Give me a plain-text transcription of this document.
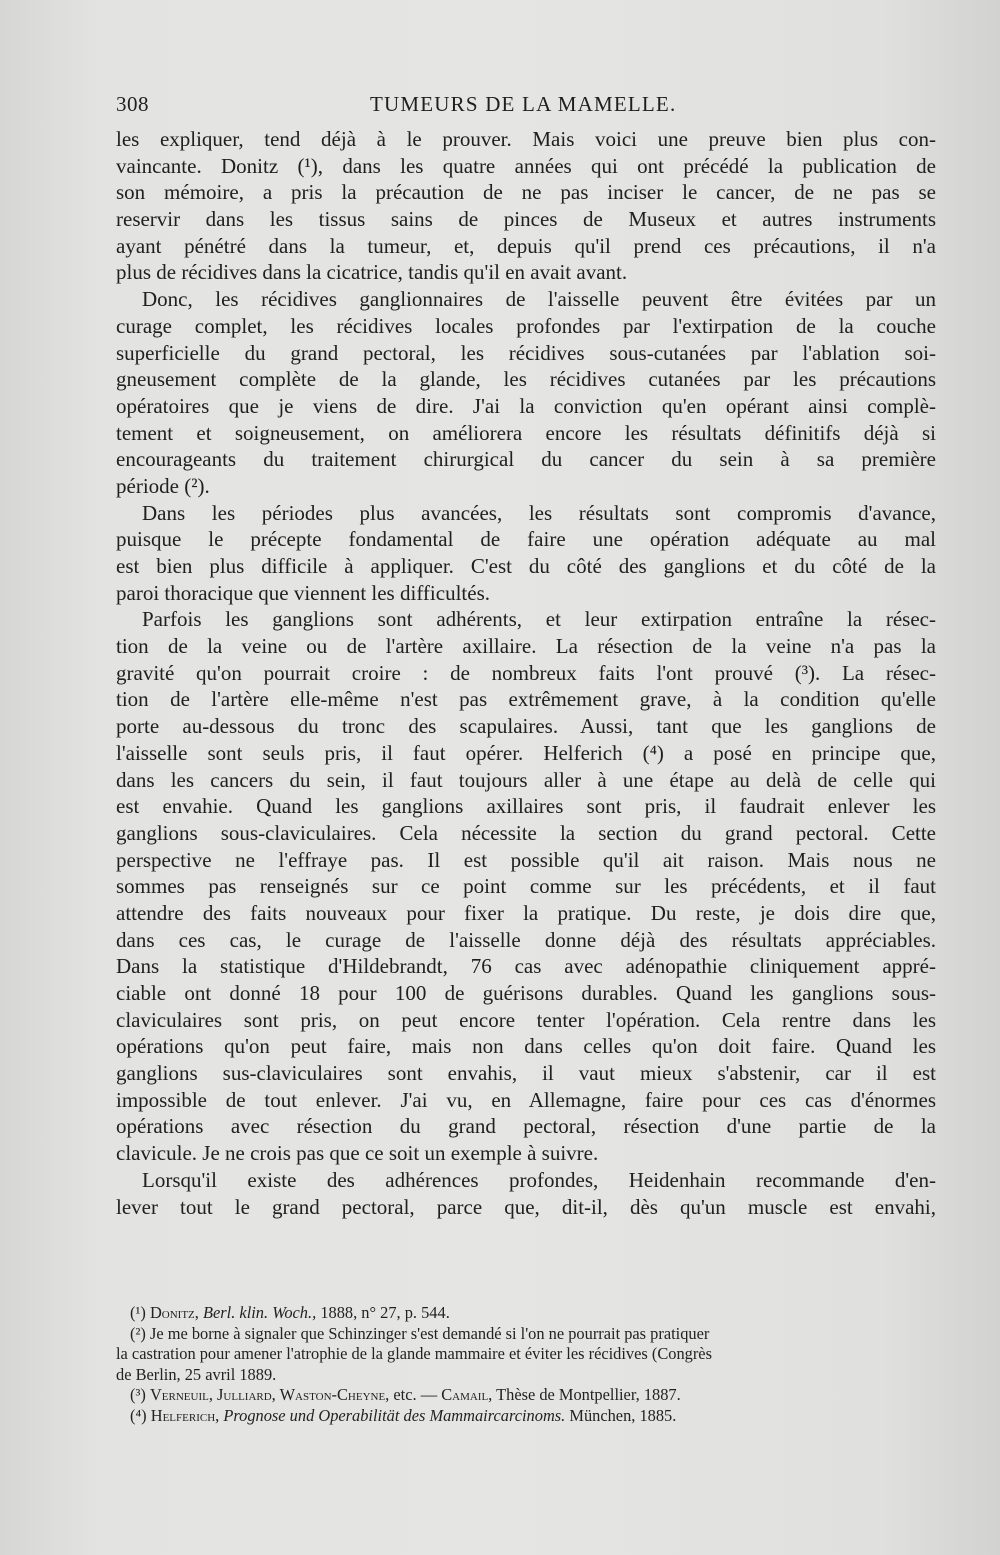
308	TUMEURS DE LA MAMELLE.
les expliquer, tend déjà à le prouver. Mais voici une preuve bien plus con-
vaincante. Donitz (¹), dans les quatre années qui ont précédé la publication de
son mémoire, a pris la précaution de ne pas inciser le cancer, de ne pas se
reservir dans les tissus sains de pinces de Museux et autres instruments
ayant pénétré dans la tumeur, et, depuis qu'il prend ces précautions, il n'a
plus de récidives dans la cicatrice, tandis qu'il en avait avant.
Donc, les récidives ganglionnaires de l'aisselle peuvent être évitées par un
curage complet, les récidives locales profondes par l'extirpation de la couche
superficielle du grand pectoral, les récidives sous-cutanées par l'ablation soi-
gneusement complète de la glande, les récidives cutanées par les précautions
opératoires que je viens de dire. J'ai la conviction qu'en opérant ainsi complè-
tement et soigneusement, on améliorera encore les résultats définitifs déjà si
encourageants du traitement chirurgical du cancer du sein à sa première
période (²).
Dans les périodes plus avancées, les résultats sont compromis d'avance,
puisque le précepte fondamental de faire une opération adéquate au mal
est bien plus difficile à appliquer. C'est du côté des ganglions et du côté de la
paroi thoracique que viennent les difficultés.
Parfois les ganglions sont adhérents, et leur extirpation entraîne la résec-
tion de la veine ou de l'artère axillaire. La résection de la veine n'a pas la
gravité qu'on pourrait croire : de nombreux faits l'ont prouvé (³). La résec-
tion de l'artère elle-même n'est pas extrêmement grave, à la condition qu'elle
porte au-dessous du tronc des scapulaires. Aussi, tant que les ganglions de
l'aisselle sont seuls pris, il faut opérer. Helferich (⁴) a posé en principe que,
dans les cancers du sein, il faut toujours aller à une étape au delà de celle qui
est envahie. Quand les ganglions axillaires sont pris, il faudrait enlever les
ganglions sous-claviculaires. Cela nécessite la section du grand pectoral. Cette
perspective ne l'effraye pas. Il est possible qu'il ait raison. Mais nous ne
sommes pas renseignés sur ce point comme sur les précédents, et il faut
attendre des faits nouveaux pour fixer la pratique. Du reste, je dois dire que,
dans ces cas, le curage de l'aisselle donne déjà des résultats appréciables.
Dans la statistique d'Hildebrandt, 76 cas avec adénopathie cliniquement appré-
ciable ont donné 18 pour 100 de guérisons durables. Quand les ganglions sous-
claviculaires sont pris, on peut encore tenter l'opération. Cela rentre dans les
opérations qu'on peut faire, mais non dans celles qu'on doit faire. Quand les
ganglions sus-claviculaires sont envahis, il vaut mieux s'abstenir, car il est
impossible de tout enlever. J'ai vu, en Allemagne, faire pour ces cas d'énormes
opérations avec résection du grand pectoral, résection d'une partie de la
clavicule. Je ne crois pas que ce soit un exemple à suivre.
Lorsqu'il existe des adhérences profondes, Heidenhain recommande d'en-
lever tout le grand pectoral, parce que, dit-il, dès qu'un muscle est envahi,
(¹) Donitz, Berl. klin. Woch., 1888, n° 27, p. 544.
(²) Je me borne à signaler que Schinzinger s'est demandé si l'on ne pourrait pas pratiquer
la castration pour amener l'atrophie de la glande mammaire et éviter les récidives (Congrès
de Berlin, 25 avril 1889.
(³) Verneuil, Julliard, Waston-Cheyne, etc. — Camail, Thèse de Montpellier, 1887.
(⁴) Helferich, Prognose und Operabilität des Mammaircarcinoms. München, 1885.
